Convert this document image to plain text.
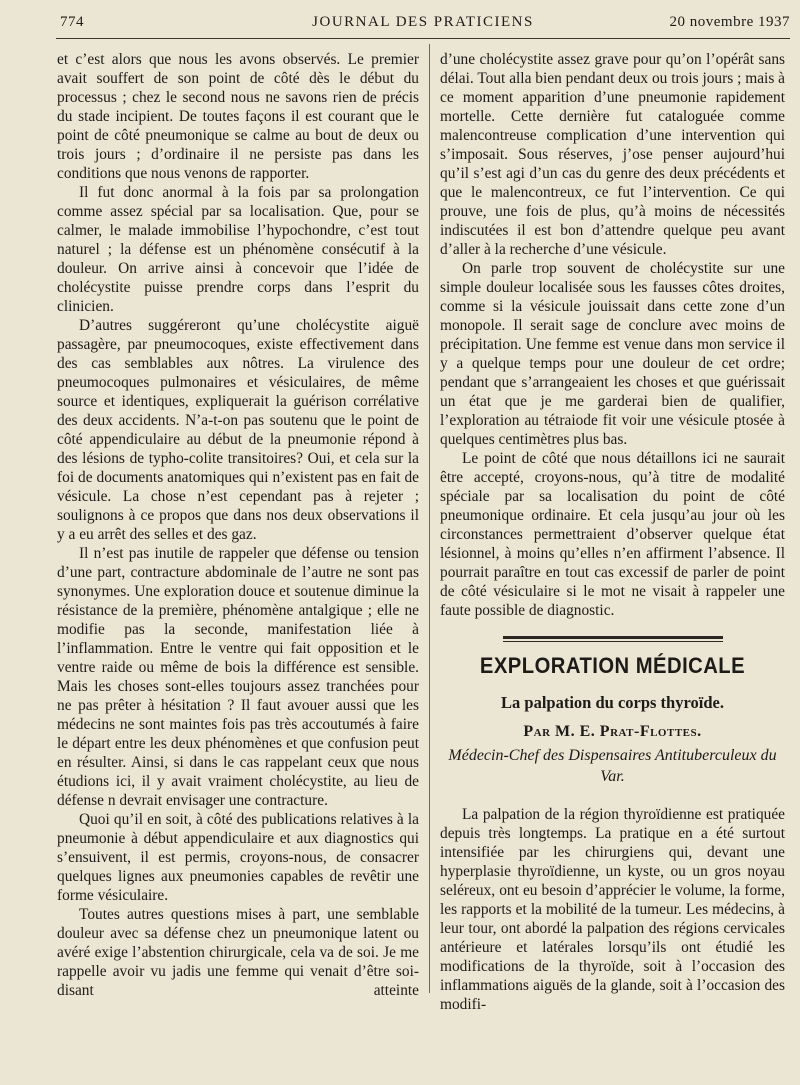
774	JOURNAL DES PRATICIENS	20 novembre 1937

et c’est alors que nous les avons observés. Le premier avait souffert de son point de côté dès le début du processus ; chez le second nous ne savons rien de précis du stade incipient. De toutes façons il est courant que le point de côté pneumonique se calme au bout de deux ou trois jours ; d’ordinaire il ne persiste pas dans les conditions que nous venons de rapporter.

Il fut donc anormal à la fois par sa prolongation comme assez spécial par sa localisation. Que, pour se calmer, le malade immobilise l’hypochondre, c’est tout naturel ; la défense est un phénomène consécutif à la douleur. On arrive ainsi à concevoir que l’idée de cholécystite puisse prendre corps dans l’esprit du clinicien.

D’autres suggéreront qu’une cholécystite aiguë passagère, par pneumocoques, existe effectivement dans des cas semblables aux nôtres. La virulence des pneumocoques pulmonaires et vésiculaires, de même source et identiques, expliquerait la guérison corrélative des deux accidents. N’a-t-on pas soutenu que le point de côté appendiculaire au début de la pneumonie répond à des lésions de typho-colite transitoires? Oui, et cela sur la foi de documents anatomiques qui n’existent pas en fait de vésicule. La chose n’est cependant pas à rejeter ; soulignons à ce propos que dans nos deux observations il y a eu arrêt des selles et des gaz.

Il n’est pas inutile de rappeler que défense ou tension d’une part, contracture abdominale de l’autre ne sont pas synonymes. Une exploration douce et soutenue diminue la résistance de la première, phénomène antalgique ; elle ne modifie pas la seconde, manifestation liée à l’inflammation. Entre le ventre qui fait opposition et le ventre raide ou même de bois la différence est sensible. Mais les choses sont-elles toujours assez tranchées pour ne pas prêter à hésitation ? Il faut avouer aussi que les médecins ne sont maintes fois pas très accoutumés à faire le départ entre les deux phénomènes et que confusion peut en résulter. Ainsi, si dans le cas rappelant ceux que nous étudions ici, il y avait vraiment cholécystite, au lieu de défense n devrait envisager une contracture.

Quoi qu’il en soit, à côté des publications relatives à la pneumonie à début appendiculaire et aux diagnostics qui s’ensuivent, il est permis, croyons-nous, de consacrer quelques lignes aux pneumonies capables de revêtir une forme vésiculaire.

Toutes autres questions mises à part, une semblable douleur avec sa défense chez un pneumonique latent ou avéré exige l’abstention chirurgicale, cela va de soi. Je me rappelle avoir vu jadis une femme qui venait d’être soi-disant atteinte

d’une cholécystite assez grave pour qu’on l’opérât sans délai. Tout alla bien pendant deux ou trois jours ; mais à ce moment apparition d’une pneumonie rapidement mortelle. Cette dernière fut cataloguée comme malencontreuse complication d’une intervention qui s’imposait. Sous réserves, j’ose penser aujourd’hui qu’il s’est agi d’un cas du genre des deux précédents et que le malencontreux, ce fut l’intervention. Ce qui prouve, une fois de plus, qu’à moins de nécessités indiscutées il est bon d’attendre quelque peu avant d’aller à la recherche d’une vésicule.

On parle trop souvent de cholécystite sur une simple douleur localisée sous les fausses côtes droites, comme si la vésicule jouissait dans cette zone d’un monopole. Il serait sage de conclure avec moins de précipitation. Une femme est venue dans mon service il y a quelque temps pour une douleur de cet ordre; pendant que s’arrangeaient les choses et que guérissait un état que je me garderai bien de qualifier, l’exploration au tétraiode fit voir une vésicule ptosée à quelques centimètres plus bas.

Le point de côté que nous détaillons ici ne saurait être accepté, croyons-nous, qu’à titre de modalité spéciale par sa localisation du point de côté pneumonique ordinaire. Et cela jusqu’au jour où les circonstances permettraient d’observer quelque état lésionnel, à moins qu’elles n’en affirment l’absence. Il pourrait paraître en tout cas excessif de parler de point de côté vésiculaire si le mot ne visait à rappeler une faute possible de diagnostic.

EXPLORATION MÉDICALE
La palpation du corps thyroïde.
Par M. E. Prat-Flottes.
Médecin-Chef des Dispensaires Antituberculeux du Var.

La palpation de la région thyroïdienne est pratiquée depuis très longtemps. La pratique en a été surtout intensifiée par les chirurgiens qui, devant une hyperplasie thyroïdienne, un kyste, ou un gros noyau seléreux, ont eu besoin d’apprécier le volume, la forme, les rapports et la mobilité de la tumeur. Les médecins, à leur tour, ont abordé la palpation des régions cervicales antérieure et latérales lorsqu’ils ont étudié les modifications de la thyroïde, soit à l’occasion des inflammations aiguës de la glande, soit à l’occasion des modifi-
